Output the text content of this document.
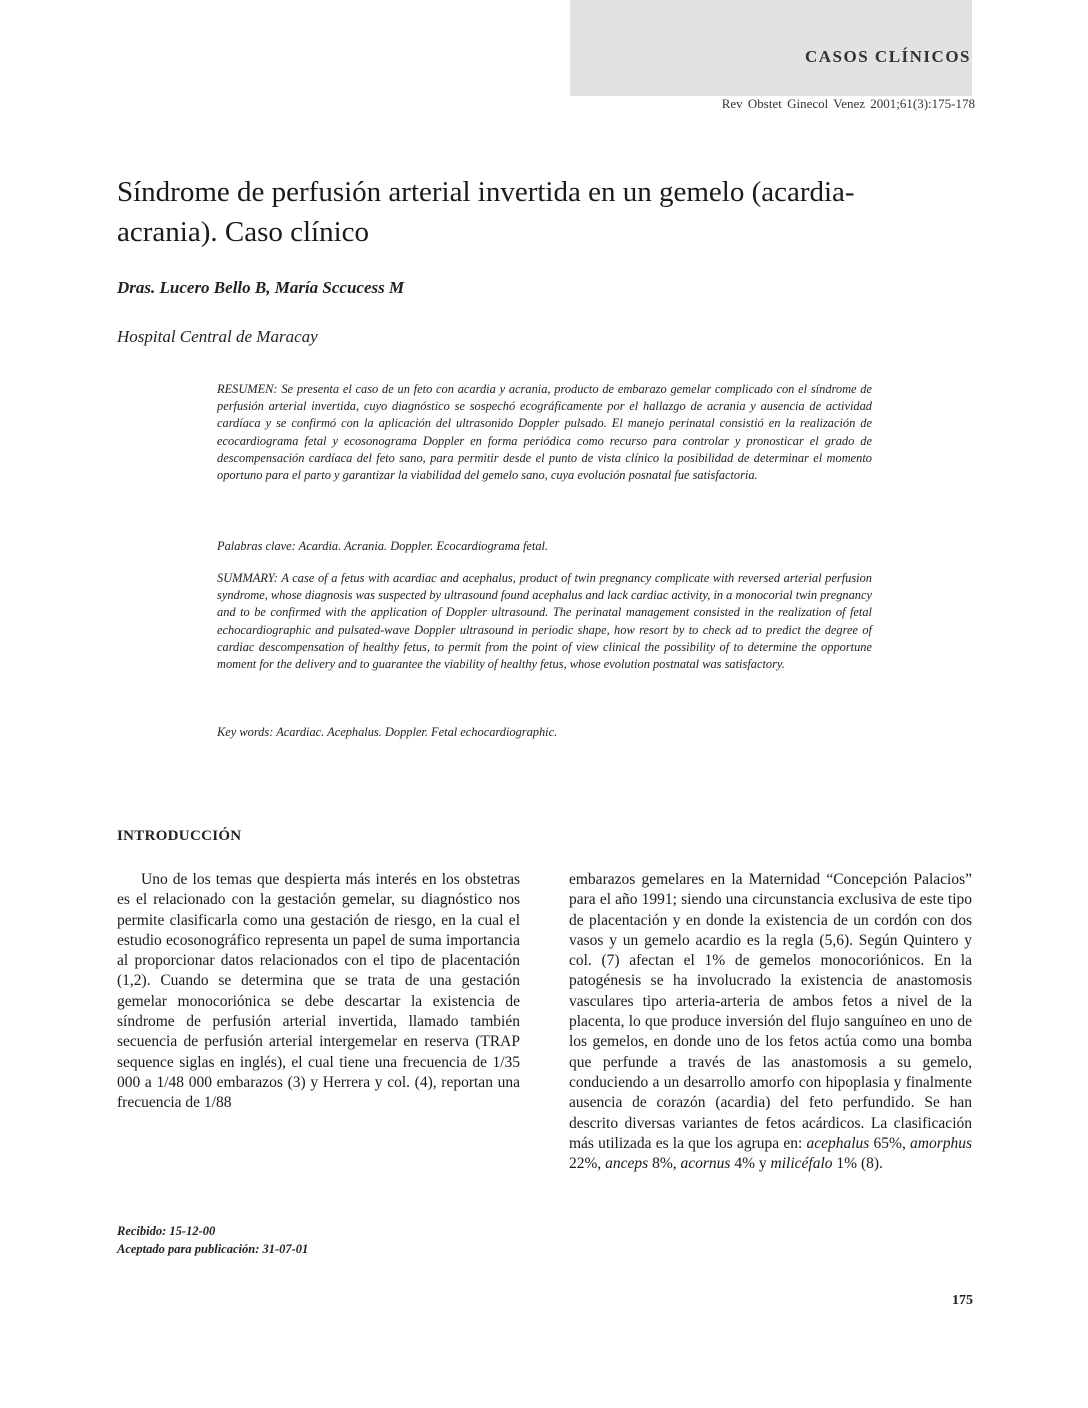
CASOS CLÍNICOS
Rev Obstet Ginecol Venez 2001;61(3):175-178
Síndrome de perfusión arterial invertida en un gemelo (acardia-acrania). Caso clínico
Dras. Lucero Bello B, María Sccucess M
Hospital Central de Maracay

RESUMEN: Se presenta el caso de un feto con acardia y acrania, producto de embarazo gemelar complicado con el síndrome de perfusión arterial invertida, cuyo diagnóstico se sospechó ecográficamente por el hallazgo de acrania y ausencia de actividad cardíaca y se confirmó con la aplicación del ultrasonido Doppler pulsado. El manejo perinatal consistió en la realización de ecocardiograma fetal y ecosonograma Doppler en forma periódica como recurso para controlar y pronosticar el grado de descompensación cardíaca del feto sano, para permitir desde el punto de vista clínico la posibilidad de determinar el momento oportuno para el parto y garantizar la viabilidad del gemelo sano, cuya evolución posnatal fue satisfactoria.

Palabras clave: Acardia. Acrania. Doppler. Ecocardiograma fetal.

SUMMARY: A case of a fetus with acardiac and acephalus, product of twin pregnancy complicate with reversed arterial perfusion syndrome, whose diagnosis was suspected by ultrasound found acephalus and lack cardiac activity, in a monocorial twin pregnancy and to be confirmed with the application of Doppler ultrasound. The perinatal management consisted in the realization of fetal echocardiographic and pulsated-wave Doppler ultrasound in periodic shape, how resort by to check ad to predict the degree of cardiac descompensation of healthy fetus, to permit from the point of view clinical the possibility of to determine the opportune moment for the delivery and to guarantee the viability of healthy fetus, whose evolution postnatal was satisfactory.

Key words: Acardiac. Acephalus. Doppler. Fetal echocardiographic.

INTRODUCCIÓN

Uno de los temas que despierta más interés en los obstetras es el relacionado con la gestación gemelar, su diagnóstico nos permite clasificarla como una gestación de riesgo, en la cual el estudio ecosonográfico representa un papel de suma importancia al proporcionar datos relacionados con el tipo de placentación (1,2). Cuando se determina que se trata de una gestación gemelar monocoriónica se debe descartar la existencia de síndrome de perfusión arterial invertida, llamado también secuencia de perfusión arterial intergemelar en reserva (TRAP sequence siglas en inglés), el cual tiene una frecuencia de 1/35 000 a 1/48 000 embarazos (3) y Herrera y col. (4), reportan una frecuencia de 1/88

embarazos gemelares en la Maternidad “Concepción Palacios” para el año 1991; siendo una circunstancia exclusiva de este tipo de placentación y en donde la existencia de un cordón con dos vasos y un gemelo acardio es la regla (5,6). Según Quintero y col. (7) afectan el 1% de gemelos monocoriónicos. En la patogénesis se ha involucrado la existencia de anastomosis vasculares tipo arteria-arteria de ambos fetos a nivel de la placenta, lo que produce inversión del flujo sanguíneo en uno de los gemelos, en donde uno de los fetos actúa como una bomba que perfunde a través de las anastomosis a su gemelo, conduciendo a un desarrollo amorfo con hipoplasia y finalmente ausencia de corazón (acardia) del feto perfundido. Se han descrito diversas variantes de fetos acárdicos. La clasificación más utilizada es la que los agrupa en: acephalus 65%, amorphus 22%, anceps 8%, acornus 4% y milicéfalo 1% (8).
Recibido: 15-12-00
Aceptado para publicación: 31-07-01
175
